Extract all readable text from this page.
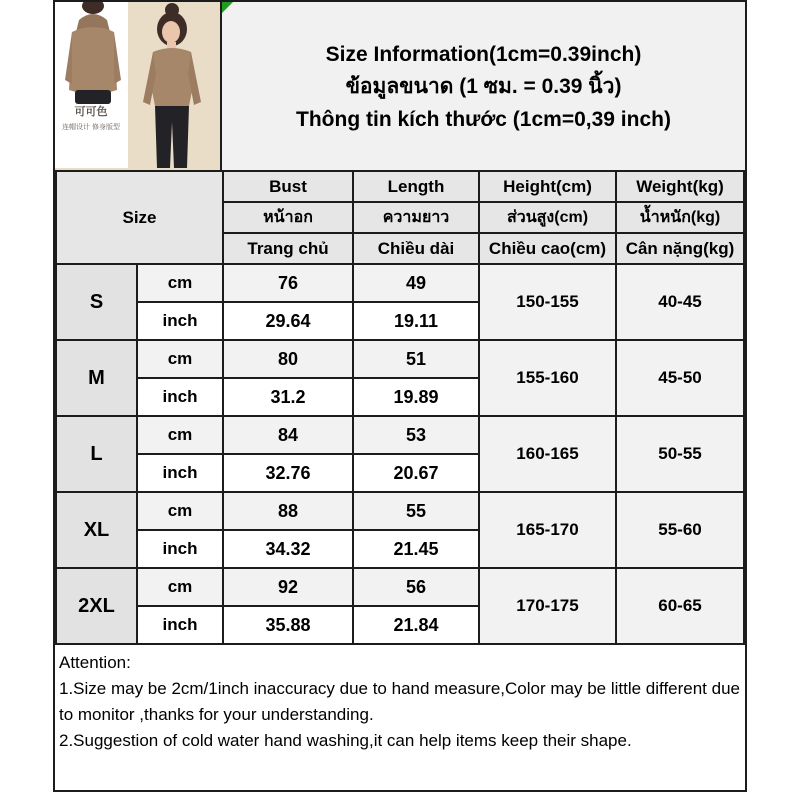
可可色
连帽设计 修身版型
Size Information(1cm=0.39inch)
ข้อมูลขนาด (1 ซม. = 0.39 นิ้ว)
Thông tin kích thước (1cm=0,39 inch)
Size		Bust	Length	Height(cm)	Weight(kg)
		หน้าอก	ความยาว	ส่วนสูง(cm)	น้ำหนัก(kg)
		Trang chủ	Chiều dài	Chiều cao(cm)	Cân nặng(kg)
S	cm	76	49	150-155	40-45
	inch	29.64	19.11		
M	cm	80	51	155-160	45-50
	inch	31.2	19.89		
L	cm	84	53	160-165	50-55
	inch	32.76	20.67		
XL	cm	88	55	165-170	55-60
	inch	34.32	21.45		
2XL	cm	92	56	170-175	60-65
	inch	35.88	21.84		

Attention:

1.Size may be 2cm/1inch inaccuracy due to hand measure,Color may be little different due to monitor ,thanks for your understanding.

2.Suggestion of cold water hand washing,it can help items keep their shape.
